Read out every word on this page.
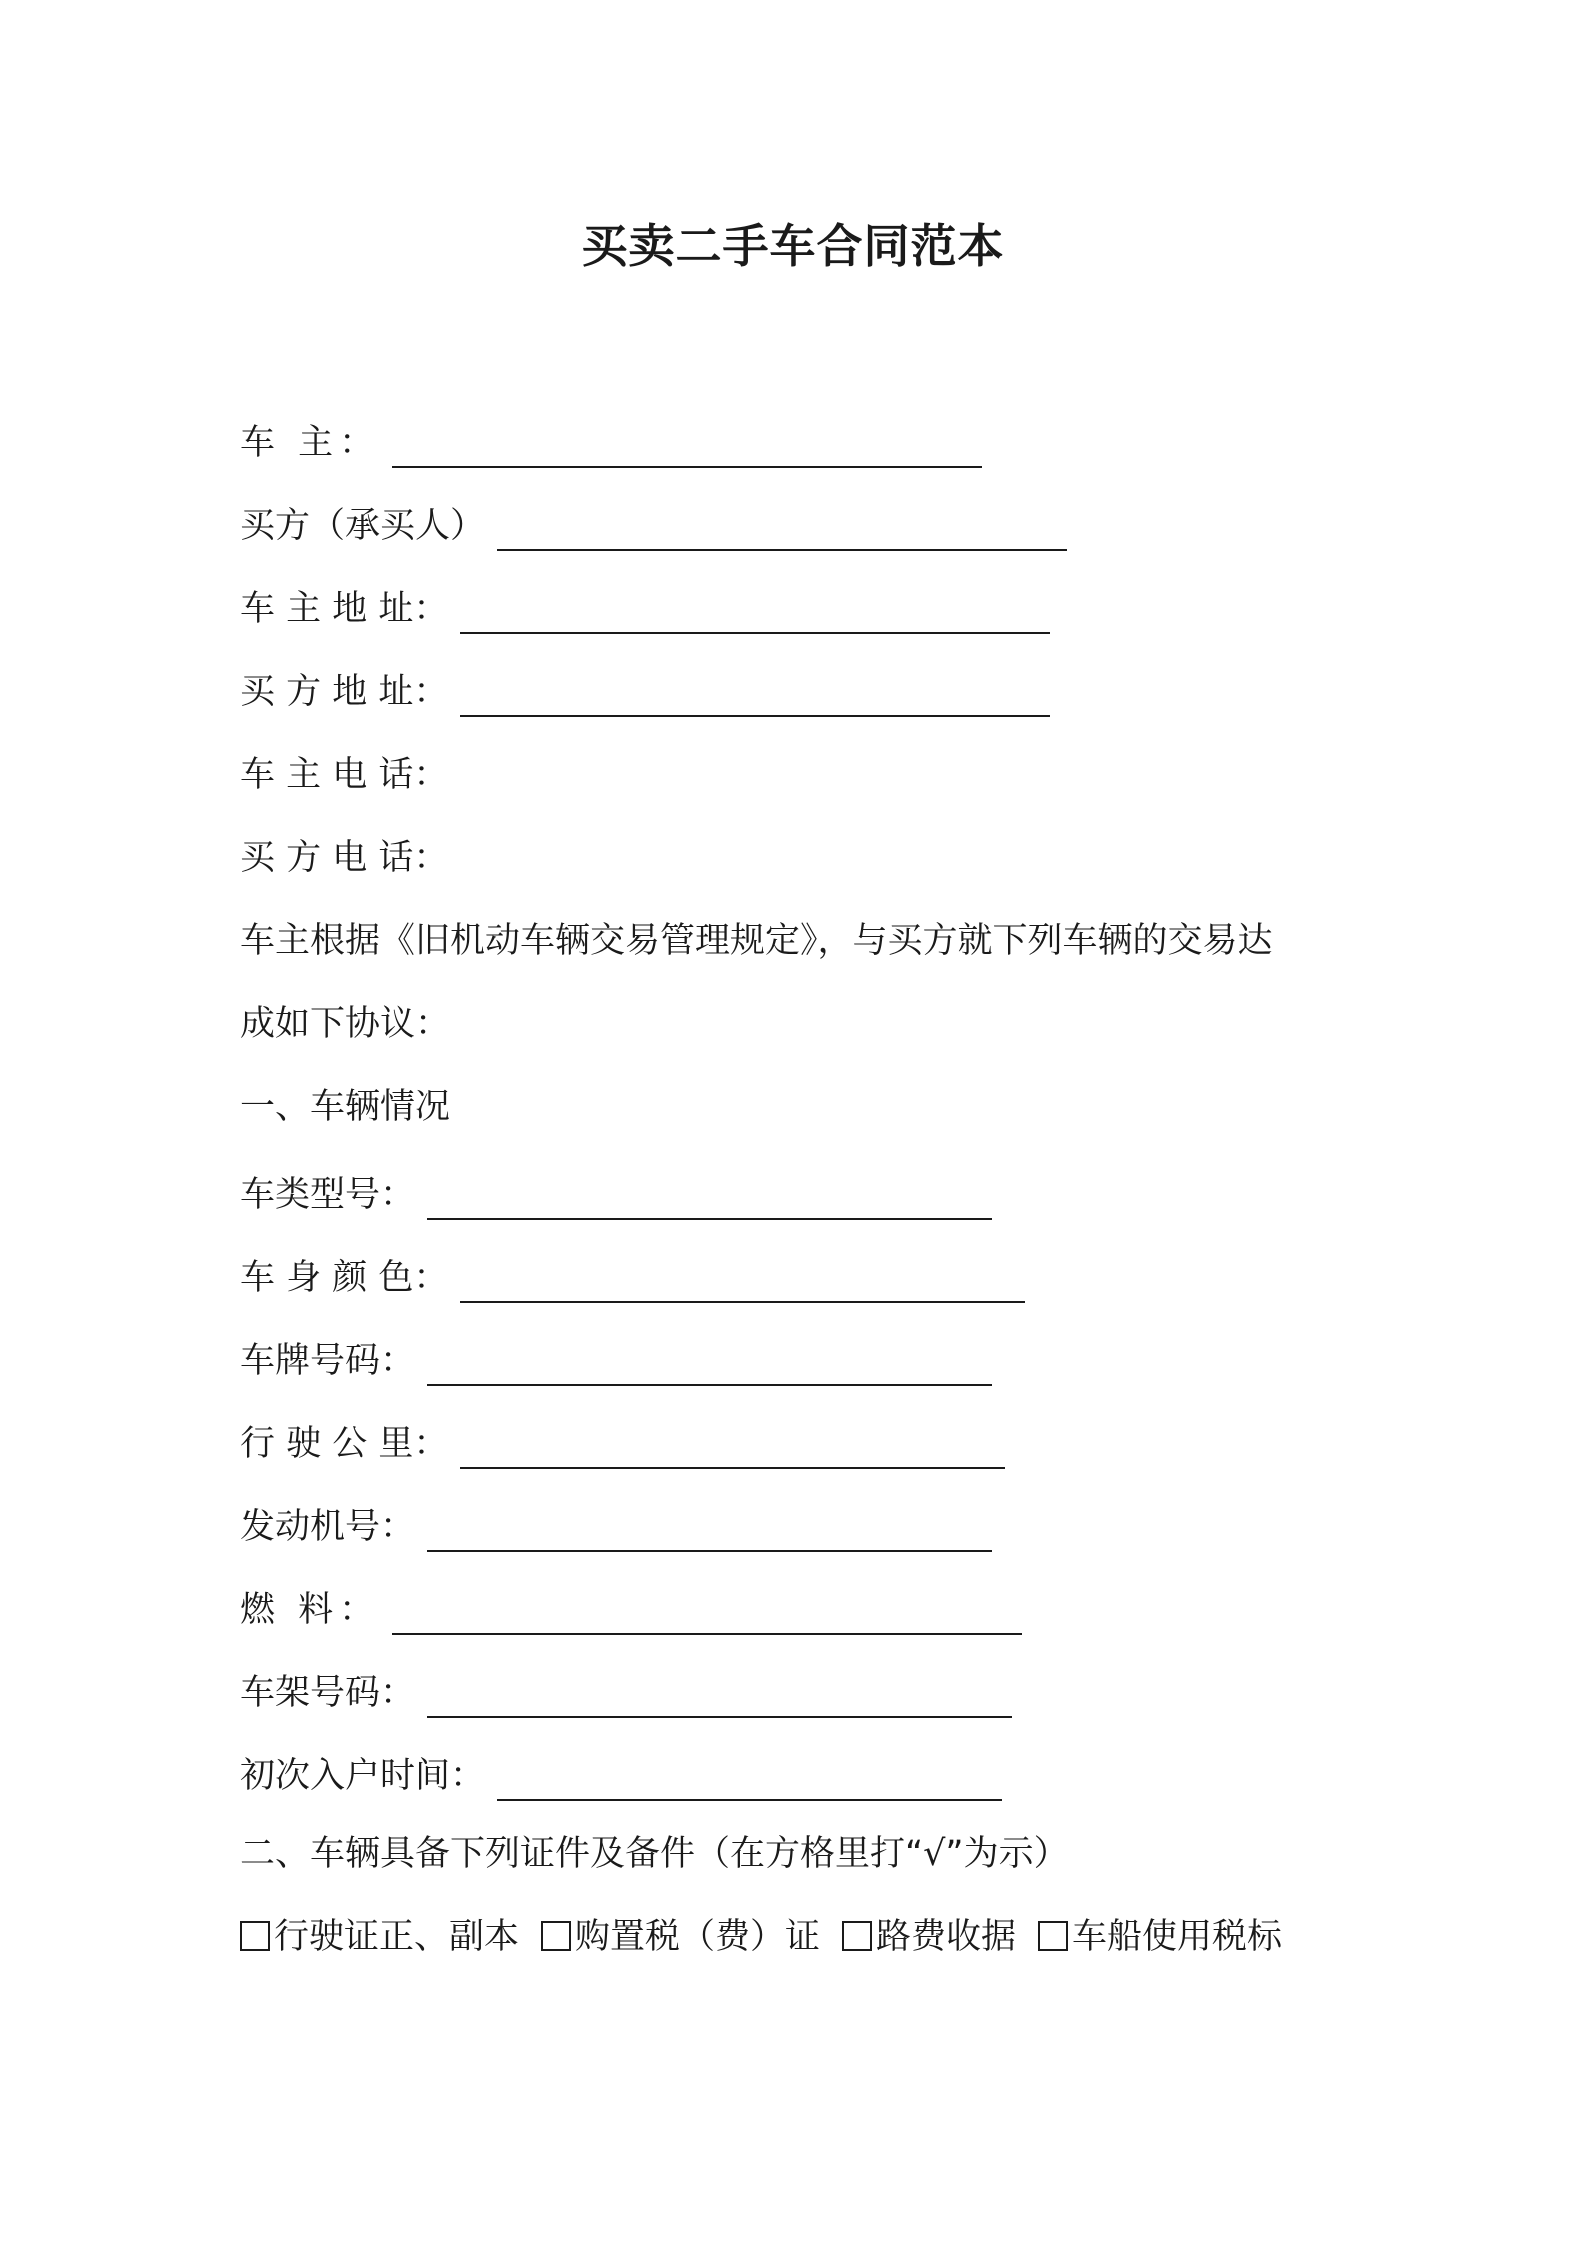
买卖二手车合同范本
车 主：
买方（承买人）
车 主 地 址：
买 方 地 址：
车 主 电 话：
买 方 电 话：
车主根据《旧机动车辆交易管理规定》，与买方就下列车辆的交易达
成如下协议：
一、车辆情况
车类型号：
车 身 颜 色：
车牌号码：
行 驶 公 里：
发动机号：
燃 料：
车架号码：
初次入户时间：
二、车辆具备下列证件及备件（在方格里打“√”为示）
行驶证正、副本 购置税（费）证 路费收据 车船使用税标
